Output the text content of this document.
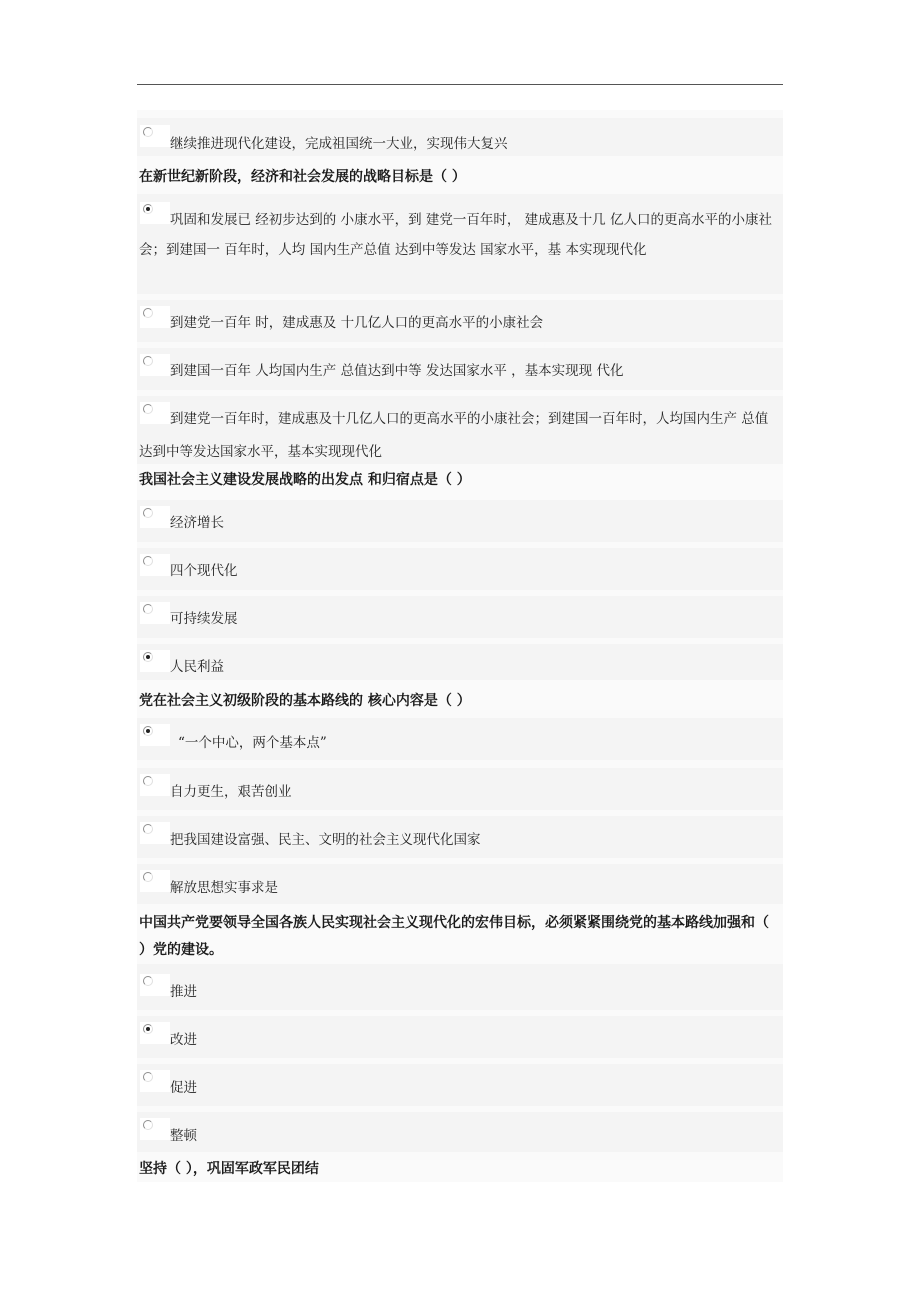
继续推进现代化建设，完成祖国统一大业，实现伟大复兴
在新世纪新阶段，经济和社会发展的战略目标是（ ）
巩固和发展已 经初步达到的 小康水平，到 建党一百年时， 建成惠及十几 亿人口的更高水平的小康社 会；到建国一 百年时，人均 国内生产总值 达到中等发达 国家水平，基 本实现现代化
到建党一百年 时，建成惠及 十几亿人口的更高水平的小康社会
到建国一百年 人均国内生产 总值达到中等 发达国家水平 ，基本实现现 代化
到建党一百年时，建成惠及十几亿人口的更高水平的小康社会；到建国一百年时，人均国内生产 总值达到中等发达国家水平，基本实现现代化
我国社会主义建设发展战略的出发点 和归宿点是（ ）
经济增长
四个现代化
可持续发展
人民利益
党在社会主义初级阶段的基本路线的 核心内容是（ ）
“一个中心，两个基本点”
自力更生，艰苦创业
把我国建设富强、民主、文明的社会主义现代化国家
解放思想实事求是
中国共产党要领导全国各族人民实现社会主义现代化的宏伟目标，必须紧紧围绕党的基本路线加强和（ ）党的建设。
推进
改进
促进
整顿
坚持（ ），巩固军政军民团结
